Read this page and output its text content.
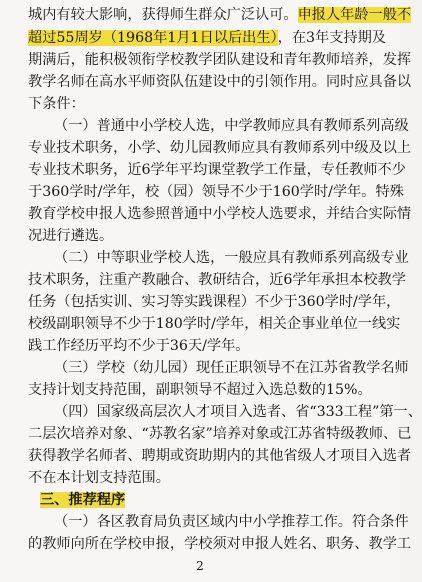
城内有较大影响，获得师生群众广泛认可。申报人年龄一般不
超过55周岁（1968年1月1日以后出生），在3年支持期及
期满后，能积极领衔学校教学团队建设和青年教师培养，发挥
教学名师在高水平师资队伍建设中的引领作用。同时应具备以
下条件：
（一）普通中小学校人选，中学教师应具有教师系列高级
专业技术职务，小学、幼儿园教师应具有教师系列中级及以上
专业技术职务，近6学年平均课堂教学工作量，专任教师不少
于360学时/学年，校（园）领导不少于160学时/学年。特殊
教育学校申报人选参照普通中小学校人选要求，并结合实际情
况进行遴选。
（二）中等职业学校人选，一般应具有教师系列高级专业
技术职务，注重产教融合、教研结合，近6学年承担本校教学
任务（包括实训、实习等实践课程）不少于360学时/学年，
校级副职领导不少于180学时/学年，相关企事业单位一线实
践工作经历平均不少于36天/学年。
（三）学校（幼儿园）现任正职领导不在江苏省教学名师
支持计划支持范围，副职领导不超过入选总数的15%。
（四）国家级高层次人才项目入选者、省“333工程”第一、
二层次培养对象、“苏教名家”培养对象或江苏省特级教师、已
获得教学名师者、聘期或资助期内的其他省级人才项目入选者
不在本计划支持范围。
三、推荐程序
（一）各区教育局负责区域内中小学推荐工作。符合条件
的教师向所在学校申报，学校须对申报人姓名、职务、教学工
2
